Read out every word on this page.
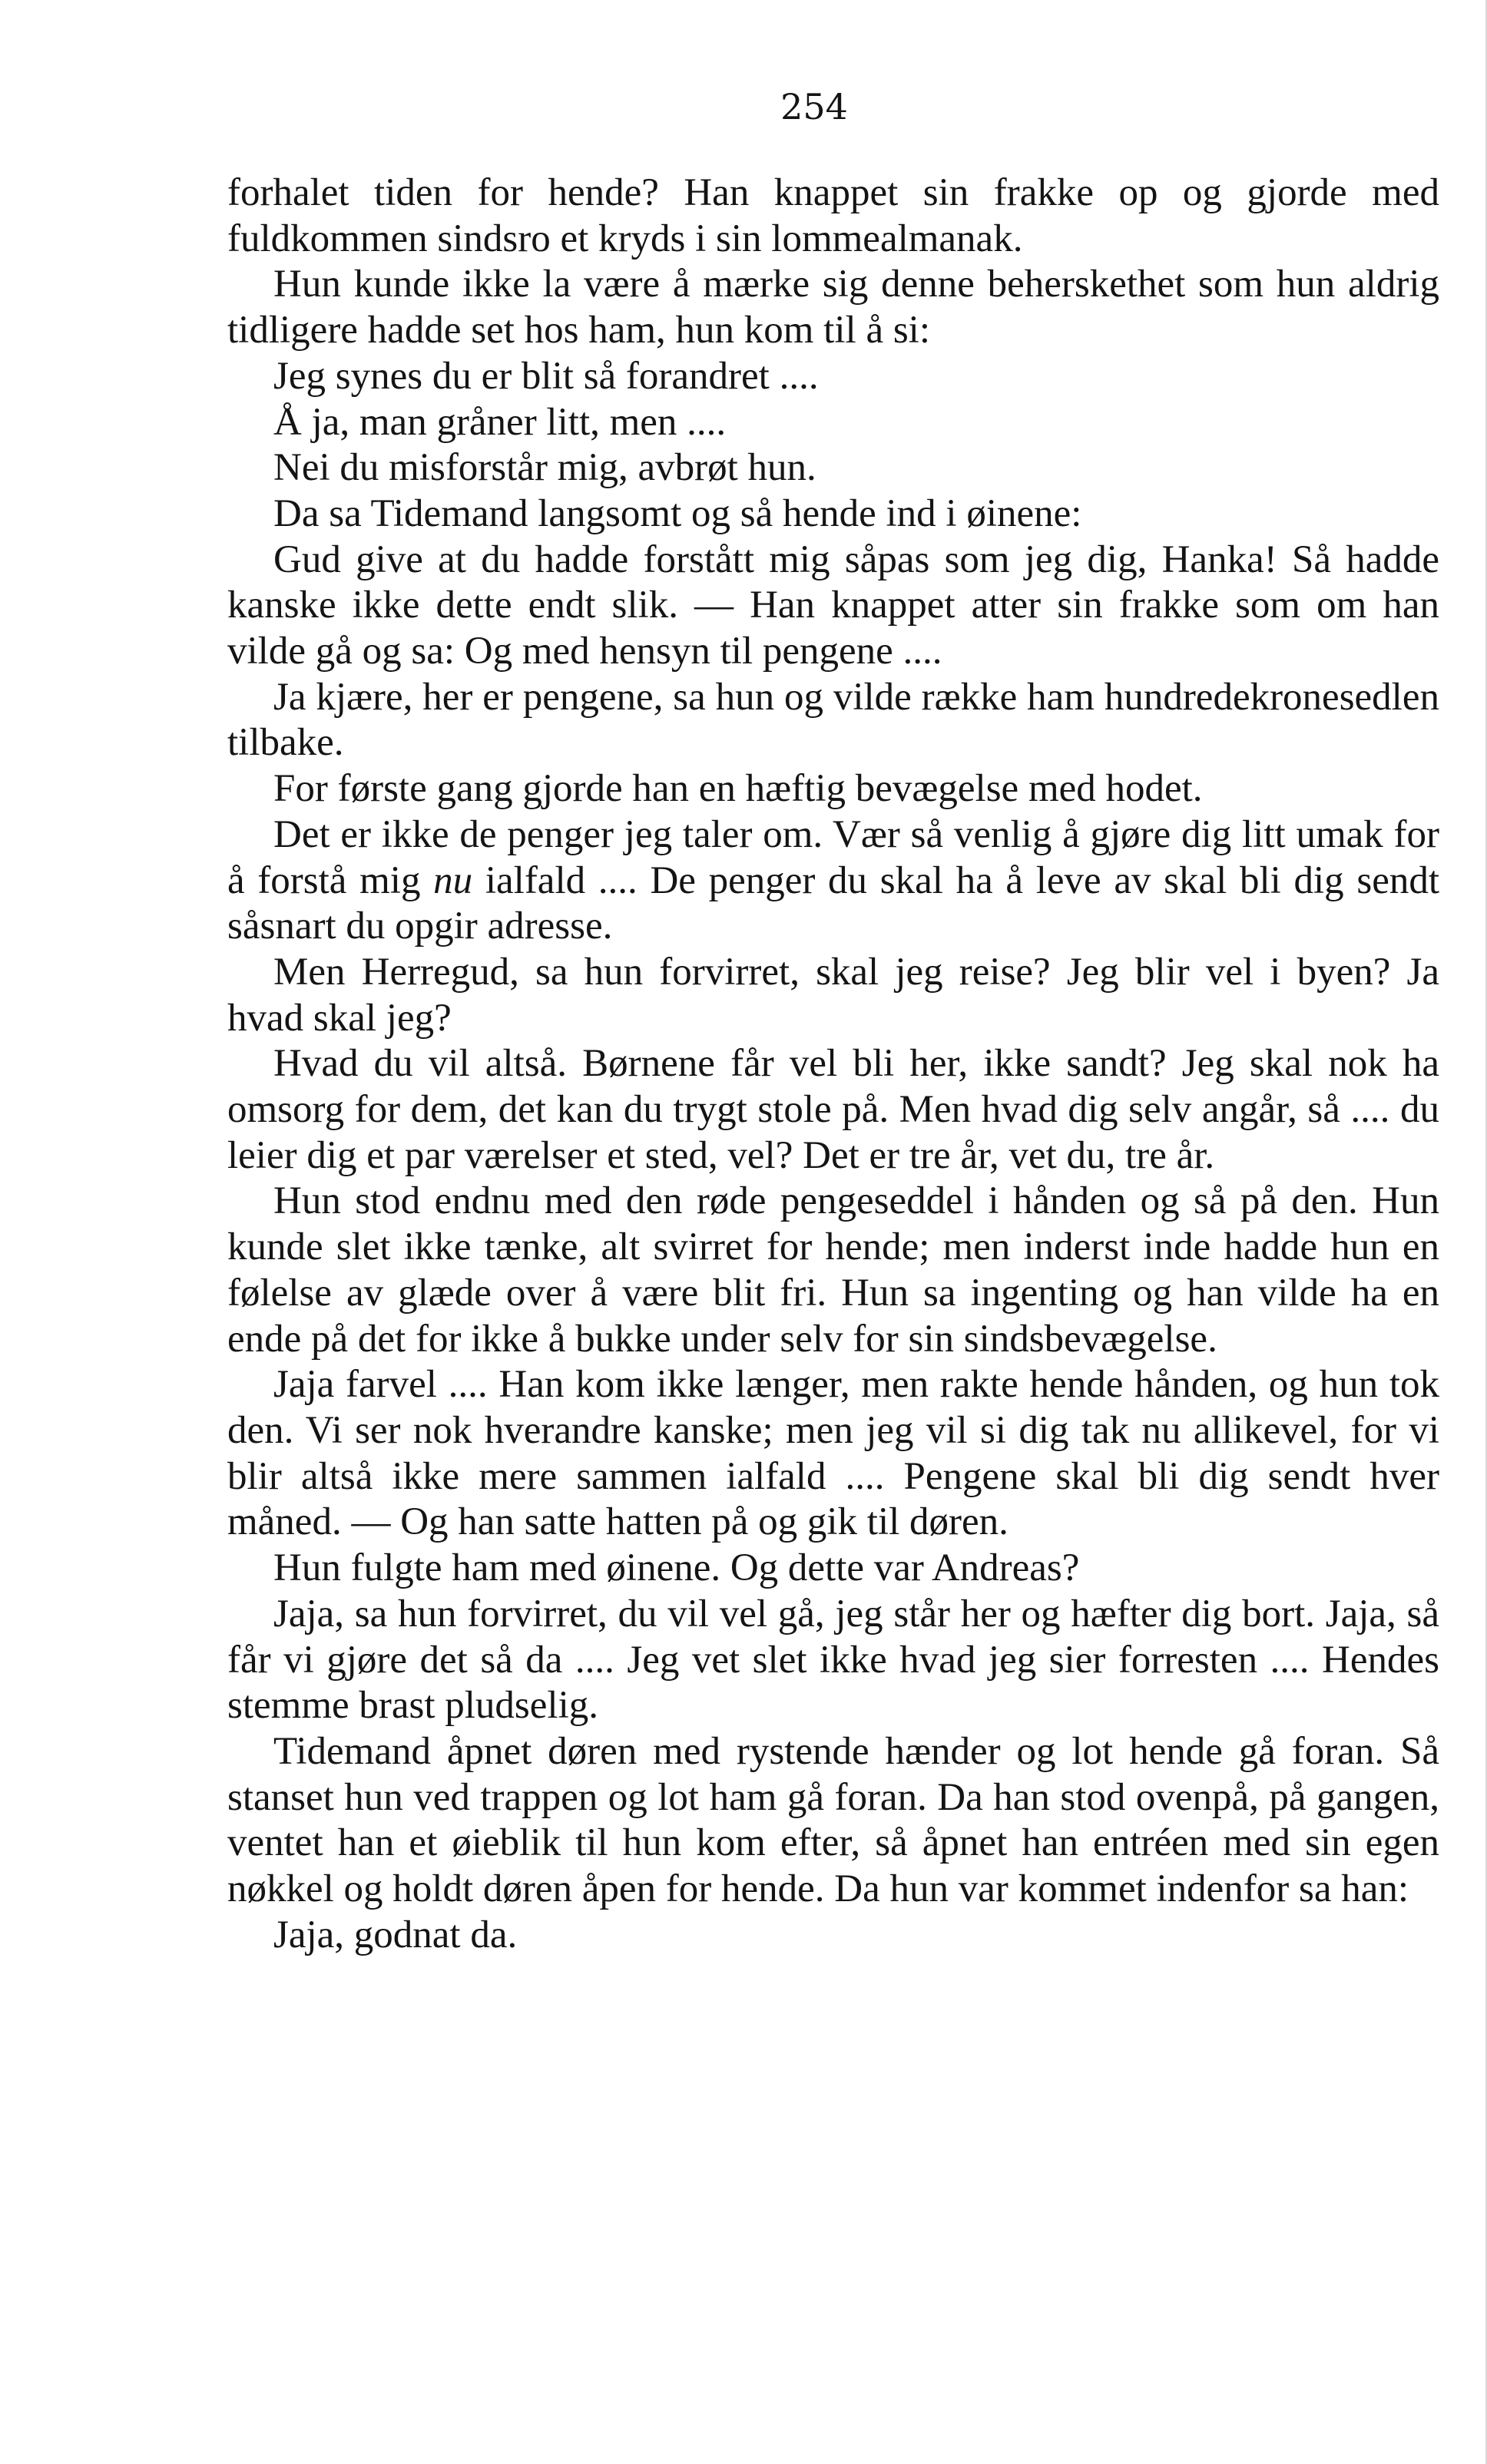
254

forhalet tiden for hende? Han knappet sin frakke op og gjorde med fuldkommen sindsro et kryds i sin lommealmanak.

Hun kunde ikke la være å mærke sig denne beherskethet som hun aldrig tidligere hadde set hos ham, hun kom til å si:

Jeg synes du er blit så forandret ....

Å ja, man gråner litt, men ....

Nei du misforstår mig, avbrøt hun.

Da sa Tidemand langsomt og så hende ind i øinene:

Gud give at du hadde forstått mig såpas som jeg dig, Hanka! Så hadde kanske ikke dette endt slik. — Han knappet atter sin frakke som om han vilde gå og sa: Og med hensyn til pengene ....

Ja kjære, her er pengene, sa hun og vilde række ham hundredekronesedlen tilbake.

For første gang gjorde han en hæftig bevægelse med hodet.

Det er ikke de penger jeg taler om. Vær så venlig å gjøre dig litt umak for å forstå mig nu ialfald .... De penger du skal ha å leve av skal bli dig sendt såsnart du opgir adresse.

Men Herregud, sa hun forvirret, skal jeg reise? Jeg blir vel i byen? Ja hvad skal jeg?

Hvad du vil altså. Børnene får vel bli her, ikke sandt? Jeg skal nok ha omsorg for dem, det kan du trygt stole på. Men hvad dig selv angår, så .... du leier dig et par værelser et sted, vel? Det er tre år, vet du, tre år.

Hun stod endnu med den røde pengeseddel i hånden og så på den. Hun kunde slet ikke tænke, alt svirret for hende; men inderst inde hadde hun en følelse av glæde over å være blit fri. Hun sa ingenting og han vilde ha en ende på det for ikke å bukke under selv for sin sindsbevægelse.

Jaja farvel .... Han kom ikke længer, men rakte hende hånden, og hun tok den. Vi ser nok hverandre kanske; men jeg vil si dig tak nu allikevel, for vi blir altså ikke mere sammen ialfald .... Pengene skal bli dig sendt hver måned. — Og han satte hatten på og gik til døren.

Hun fulgte ham med øinene. Og dette var Andreas?

Jaja, sa hun forvirret, du vil vel gå, jeg står her og hæfter dig bort. Jaja, så får vi gjøre det så da .... Jeg vet slet ikke hvad jeg sier forresten .... Hendes stemme brast pludselig.

Tidemand åpnet døren med rystende hænder og lot hende gå foran. Så stanset hun ved trappen og lot ham gå foran. Da han stod ovenpå, på gangen, ventet han et øieblik til hun kom efter, så åpnet han entréen med sin egen nøkkel og holdt døren åpen for hende. Da hun var kommet indenfor sa han:

Jaja, godnat da.
